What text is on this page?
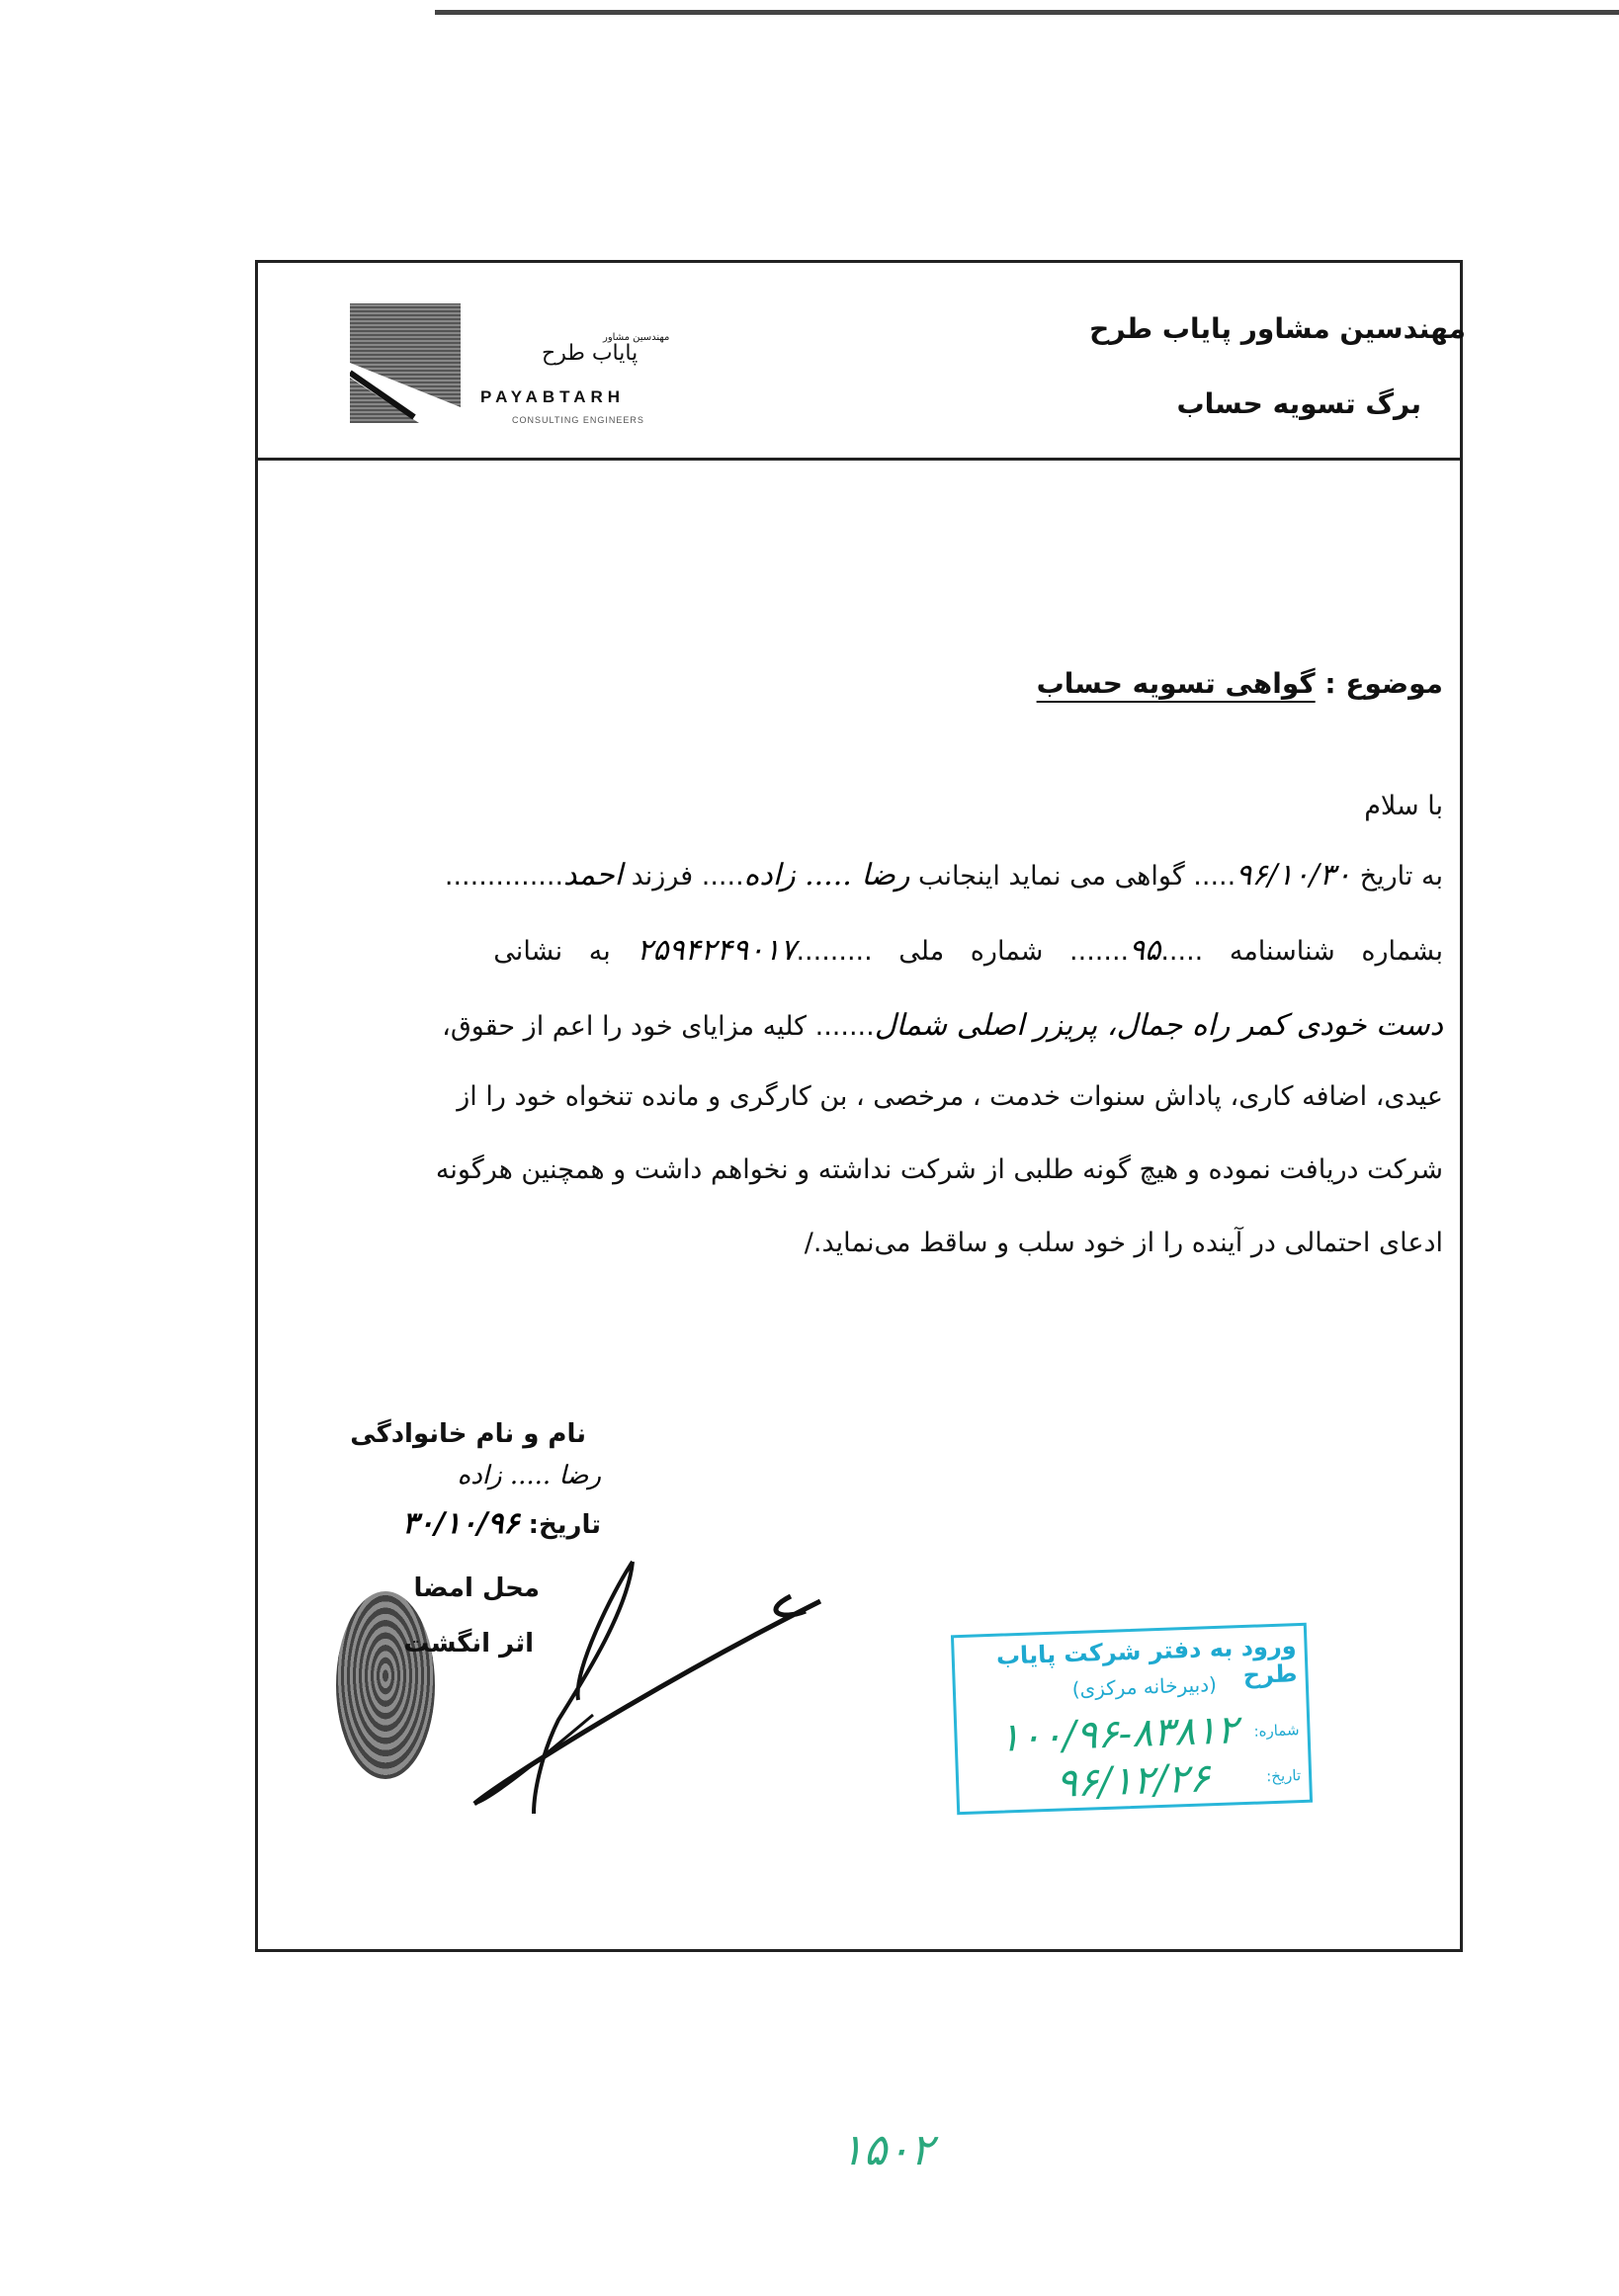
مهندسین مشاور پایاب طرح
برگ تسویه حساب
مهندسین مشاور
پایاب طرح
PAYABTARH
CONSULTING ENGINEERS
موضوع : گواهی تسویه حساب
با سلام
به تاریخ ۹۶/۱۰/۳۰..... گواهی می نماید اینجانب رضا ..... زاده..... فرزند احمد..............
بشماره شناسنامه .....۹۵....... شماره ملی .........۲۵۹۴۲۴۹۰۱۷ به نشانی
دست خودی کمر راه جمال، پریزر اصلی شمال....... کلیه مزایای خود را اعم از حقوق،
عیدی، اضافه کاری، پاداش سنوات خدمت ، مرخصی ، بن کارگری و مانده تنخواه خود را از
شرکت دریافت نموده و هیچ گونه طلبی از شرکت نداشته و نخواهم داشت و همچنین هرگونه
ادعای احتمالی در آینده را از خود سلب و ساقط می‌نماید./
نام و نام خانوادگی
رضا ..... زاده
تاریخ: ۳۰/۱۰/۹۶
محل امضا
اثر انگشت	ورود به دفتر شرکت پایاب طرح
(دبیرخانه مرکزی)
شماره:
۱۰۰/۹۶-۸۳۸۱۲
تاریخ:
۹۶/۱۲/۲۶
۱۵۰۲
